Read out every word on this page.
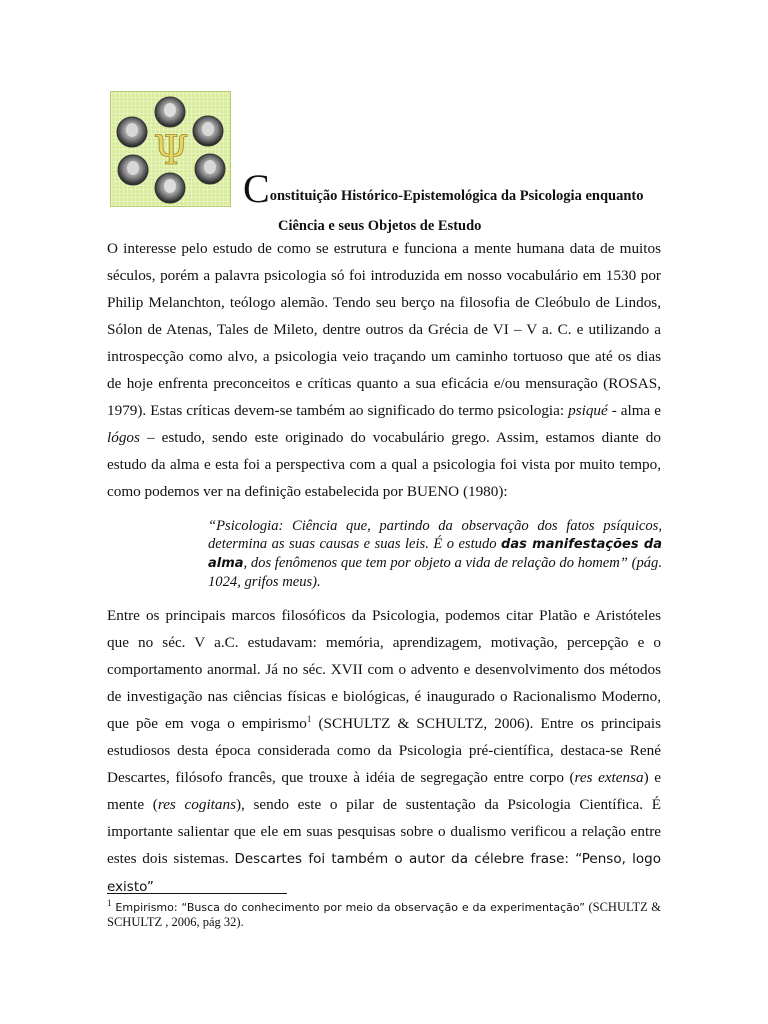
Ψ
Constituição Histórico-Epistemológica da Psicologia enquanto
Ciência e seus Objetos de Estudo

O interesse pelo estudo de como se estrutura e funciona a mente humana data de muitos séculos, porém a palavra psicologia só foi introduzida em nosso vocabulário em 1530 por Philip Melanchton, teólogo alemão. Tendo seu berço na filosofia de Cleóbulo de Lindos, Sólon de Atenas, Tales de Mileto, dentre outros da Grécia de VI – V a. C. e utilizando a introspecção como alvo, a psicologia veio traçando um caminho tortuoso que até os dias de hoje enfrenta preconceitos e críticas quanto a sua eficácia e/ou mensuração (ROSAS, 1979). Estas críticas devem-se também ao significado do termo psicologia: psiqué - alma e lógos – estudo, sendo este originado do vocabulário grego. Assim, estamos diante do estudo da alma e esta foi a perspectiva com a qual a psicologia foi vista por muito tempo, como podemos ver na definição estabelecida por BUENO (1980):

“Psicologia: Ciência que, partindo da observação dos fatos psíquicos, determina as suas causas e suas leis. É o estudo das manifestações da alma, dos fenômenos que tem por objeto a vida de relação do homem” (pág. 1024, grifos meus).

Entre os principais marcos filosóficos da Psicologia, podemos citar Platão e Aristóteles que no séc. V a.C. estudavam: memória, aprendizagem, motivação, percepção e o comportamento anormal. Já no séc. XVII com o advento e desenvolvimento dos métodos de investigação nas ciências físicas e biológicas, é inaugurado o Racionalismo Moderno, que põe em voga o empirismo$^1$ (SCHULTZ & SCHULTZ, 2006). Entre os principais estudiosos desta época considerada como da Psicologia pré-científica, destaca-se René Descartes, filósofo francês, que trouxe à idéia de segregação entre corpo (res extensa) e mente (res cogitans), sendo este o pilar de sustentação da Psicologia Científica. É importante salientar que ele em suas pesquisas sobre o dualismo verificou a relação entre estes dois sistemas. Descartes foi também o autor da célebre frase: “Penso, logo existo”

$^1$ Empirismo: “Busca do conhecimento por meio da observação e da experimentação” (SCHULTZ & SCHULTZ , 2006, pág 32).
